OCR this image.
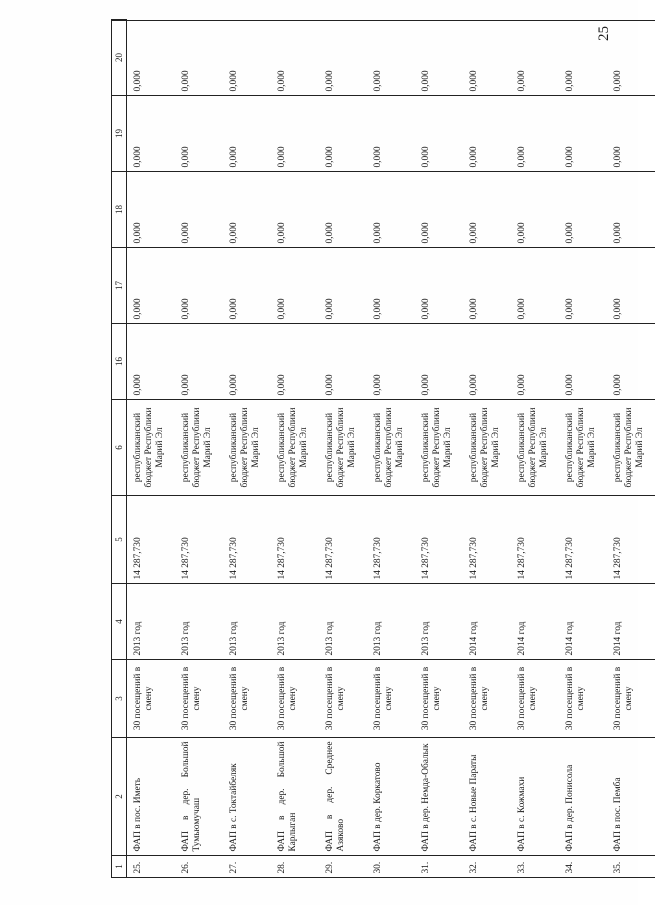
25
1	2	3	4	5	6	16	17	18	19	20
25.	ФАП в пос. Иметь	30 посещений в смену	2013 год	14 287,730	республиканский бюджет Республики Марий Эл	0,000	0,000	0,000	0,000	0,000
26.	ФАП в дер. Большой Тумьюмучаш	30 посещений в смену	2013 год	14 287,730	республиканский бюджет Республики Марий Эл	0,000	0,000	0,000	0,000	0,000
27.	ФАП в с. Токтайбеляк	30 посещений в смену	2013 год	14 287,730	республиканский бюджет Республики Марий Эл	0,000	0,000	0,000	0,000	0,000
28.	ФАП в дер. Большой Карлыган	30 посещений в смену	2013 год	14 287,730	республиканский бюджет Республики Марий Эл	0,000	0,000	0,000	0,000	0,000
29.	ФАП в дер. Среднее Азяково	30 посещений в смену	2013 год	14 287,730	республиканский бюджет Республики Марий Эл	0,000	0,000	0,000	0,000	0,000
30.	ФАП в дер. Коркатово	30 посещений в смену	2013 год	14 287,730	республиканский бюджет Республики Марий Эл	0,000	0,000	0,000	0,000	0,000
31.	ФАП в дер. Немда-Обалык	30 посещений в смену	2013 год	14 287,730	республиканский бюджет Республики Марий Эл	0,000	0,000	0,000	0,000	0,000
32.	ФАП в с. Новые Параты	30 посещений в смену	2014 год	14 287,730	республиканский бюджет Республики Марий Эл	0,000	0,000	0,000	0,000	0,000
33.	ФАП в с. Кожмахи	30 посещений в смену	2014 год	14 287,730	республиканский бюджет Республики Марий Эл	0,000	0,000	0,000	0,000	0,000
34.	ФАП в дер. Понисола	30 посещений в смену	2014 год	14 287,730	республиканский бюджет Республики Марий Эл	0,000	0,000	0,000	0,000	0,000
35.	ФАП в пос. Пемба	30 посещений в смену	2014 год	14 287,730	республиканский бюджет Республики Марий Эл	0,000	0,000	0,000	0,000	0,000
